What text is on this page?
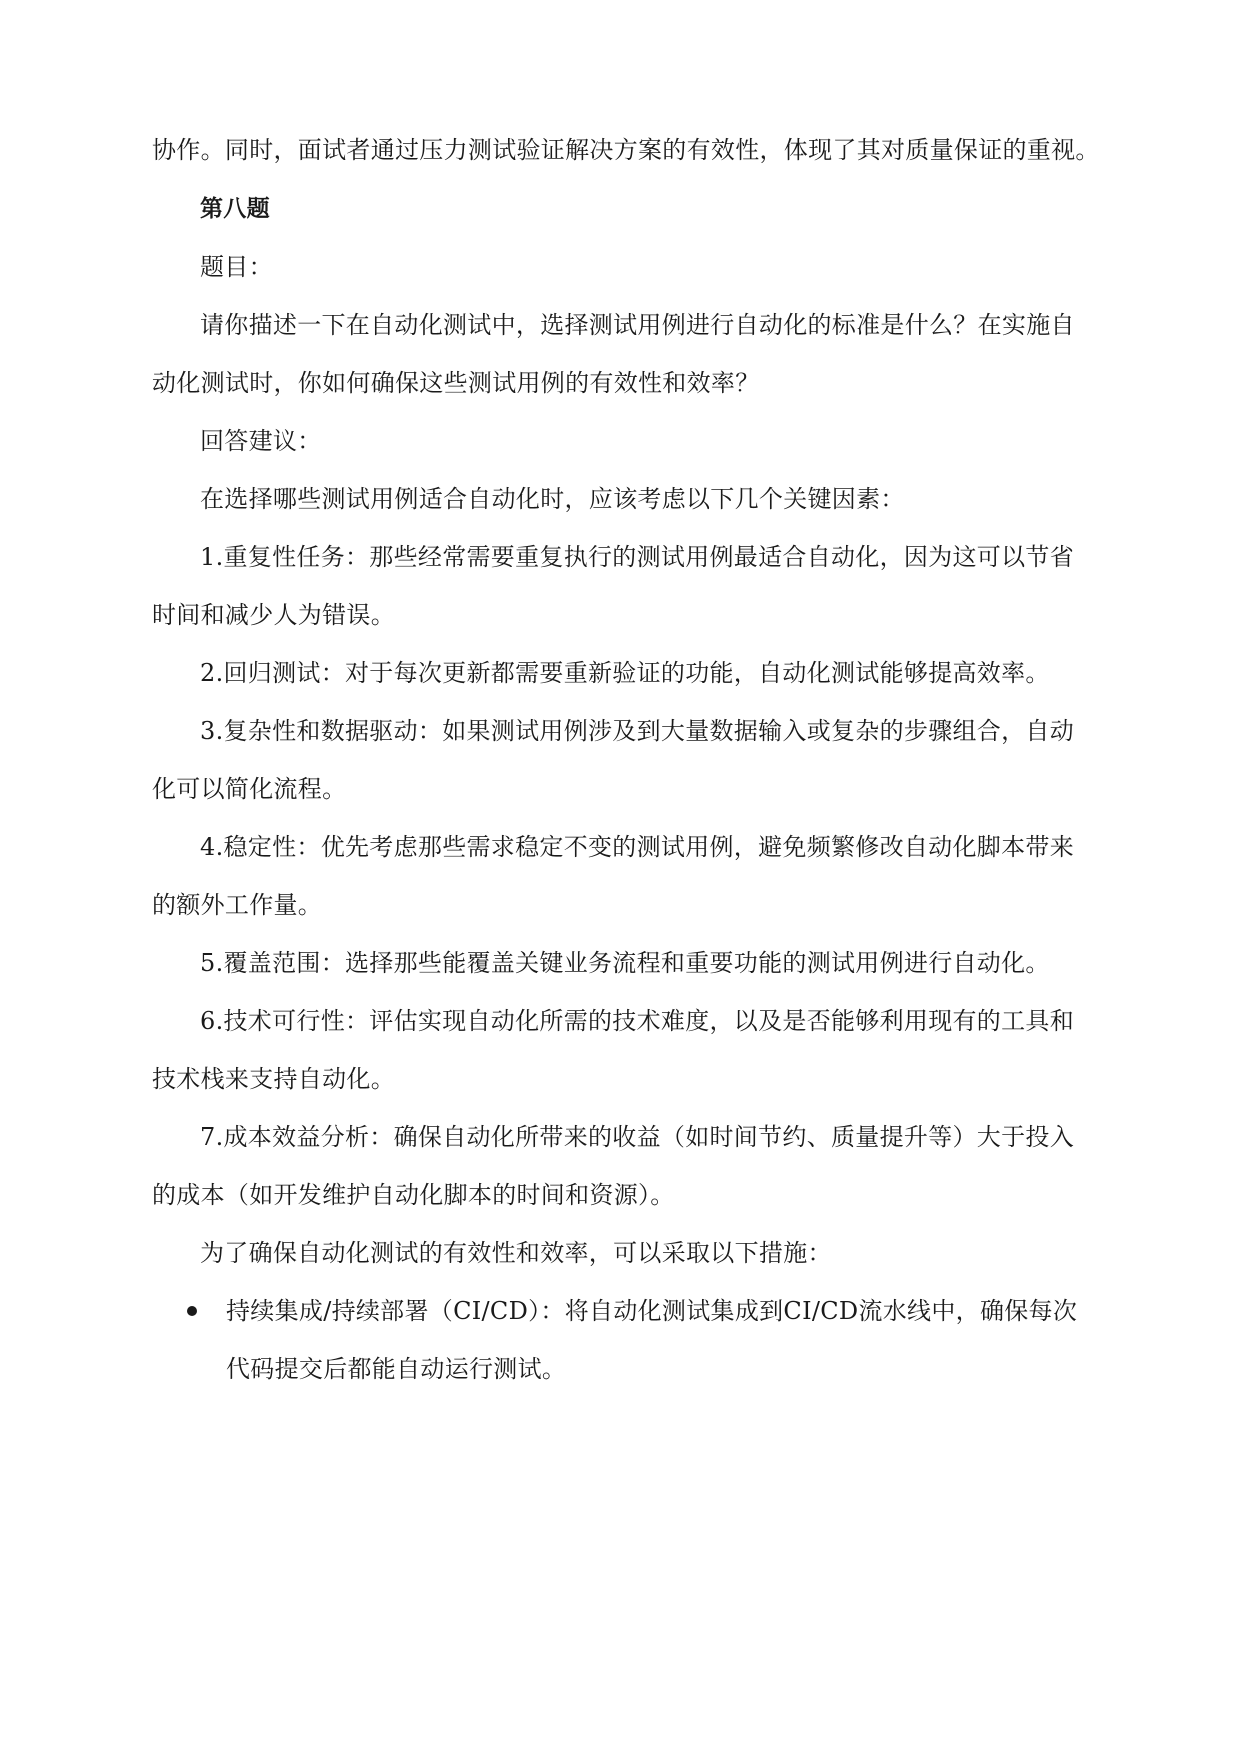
协作。同时，面试者通过压力测试验证解决方案的有效性，体现了其对质量保证的重视。
第八题
题目：
请你描述一下在自动化测试中，选择测试用例进行自动化的标准是什么？在实施自
动化测试时，你如何确保这些测试用例的有效性和效率？
回答建议：
在选择哪些测试用例适合自动化时，应该考虑以下几个关键因素：
1.重复性任务：那些经常需要重复执行的测试用例最适合自动化，因为这可以节省
时间和减少人为错误。
2.回归测试：对于每次更新都需要重新验证的功能，自动化测试能够提高效率。
3.复杂性和数据驱动：如果测试用例涉及到大量数据输入或复杂的步骤组合，自动
化可以简化流程。
4.稳定性：优先考虑那些需求稳定不变的测试用例，避免频繁修改自动化脚本带来
的额外工作量。
5.覆盖范围：选择那些能覆盖关键业务流程和重要功能的测试用例进行自动化。
6.技术可行性：评估实现自动化所需的技术难度，以及是否能够利用现有的工具和
技术栈来支持自动化。
7.成本效益分析：确保自动化所带来的收益（如时间节约、质量提升等）大于投入
的成本（如开发维护自动化脚本的时间和资源）。
为了确保自动化测试的有效性和效率，可以采取以下措施：
持续集成/持续部署（CI/CD）：将自动化测试集成到CI/CD流水线中，确保每次
代码提交后都能自动运行测试。
